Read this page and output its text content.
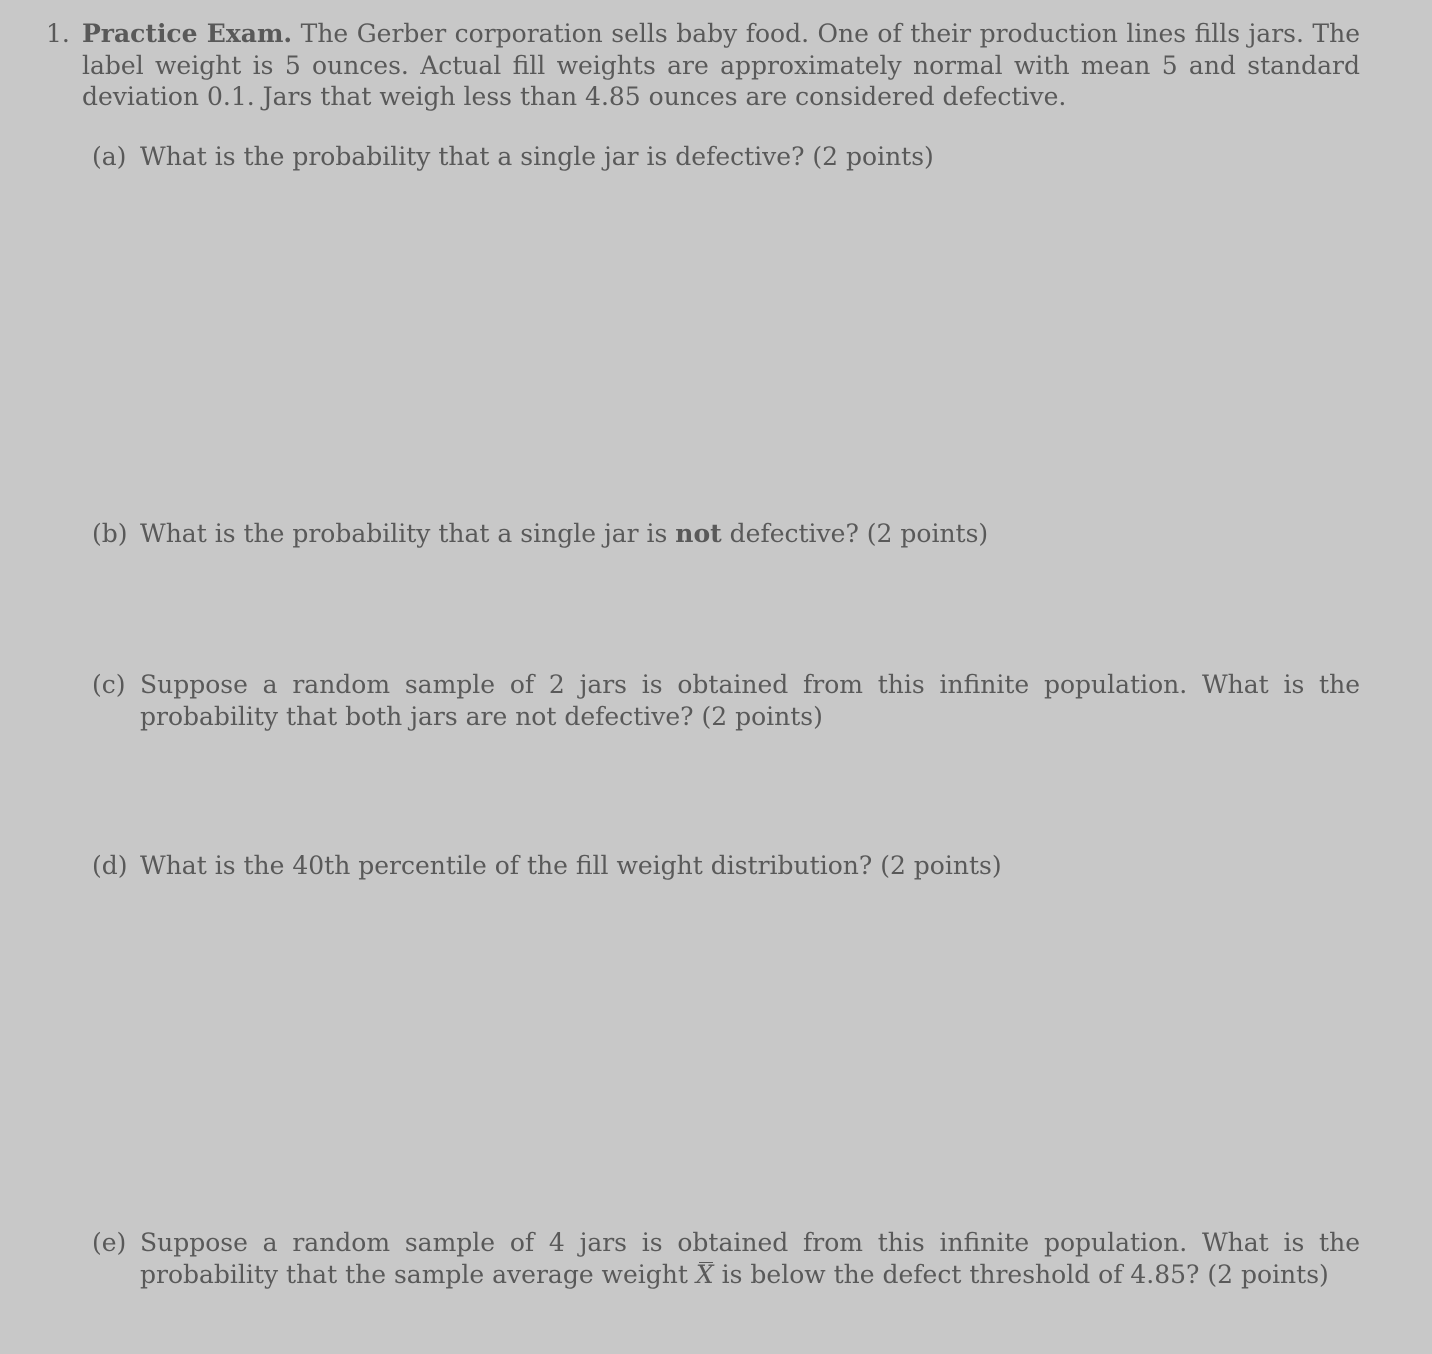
1. Practice Exam. The Gerber corporation sells baby food. One of their production lines fills jars. The label weight is 5 ounces. Actual fill weights are approximately normal with mean 5 and standard deviation 0.1. Jars that weigh less than 4.85 ounces are considered defective.
(a) What is the probability that a single jar is defective? (2 points)
(b) What is the probability that a single jar is not defective? (2 points)
(c) Suppose a random sample of 2 jars is obtained from this infinite population. What is the probability that both jars are not defective? (2 points)
(d) What is the 40th percentile of the fill weight distribution? (2 points)
(e) Suppose a random sample of 4 jars is obtained from this infinite population. What is the probability that the sample average weight X is below the defect threshold of 4.85? (2 points)
